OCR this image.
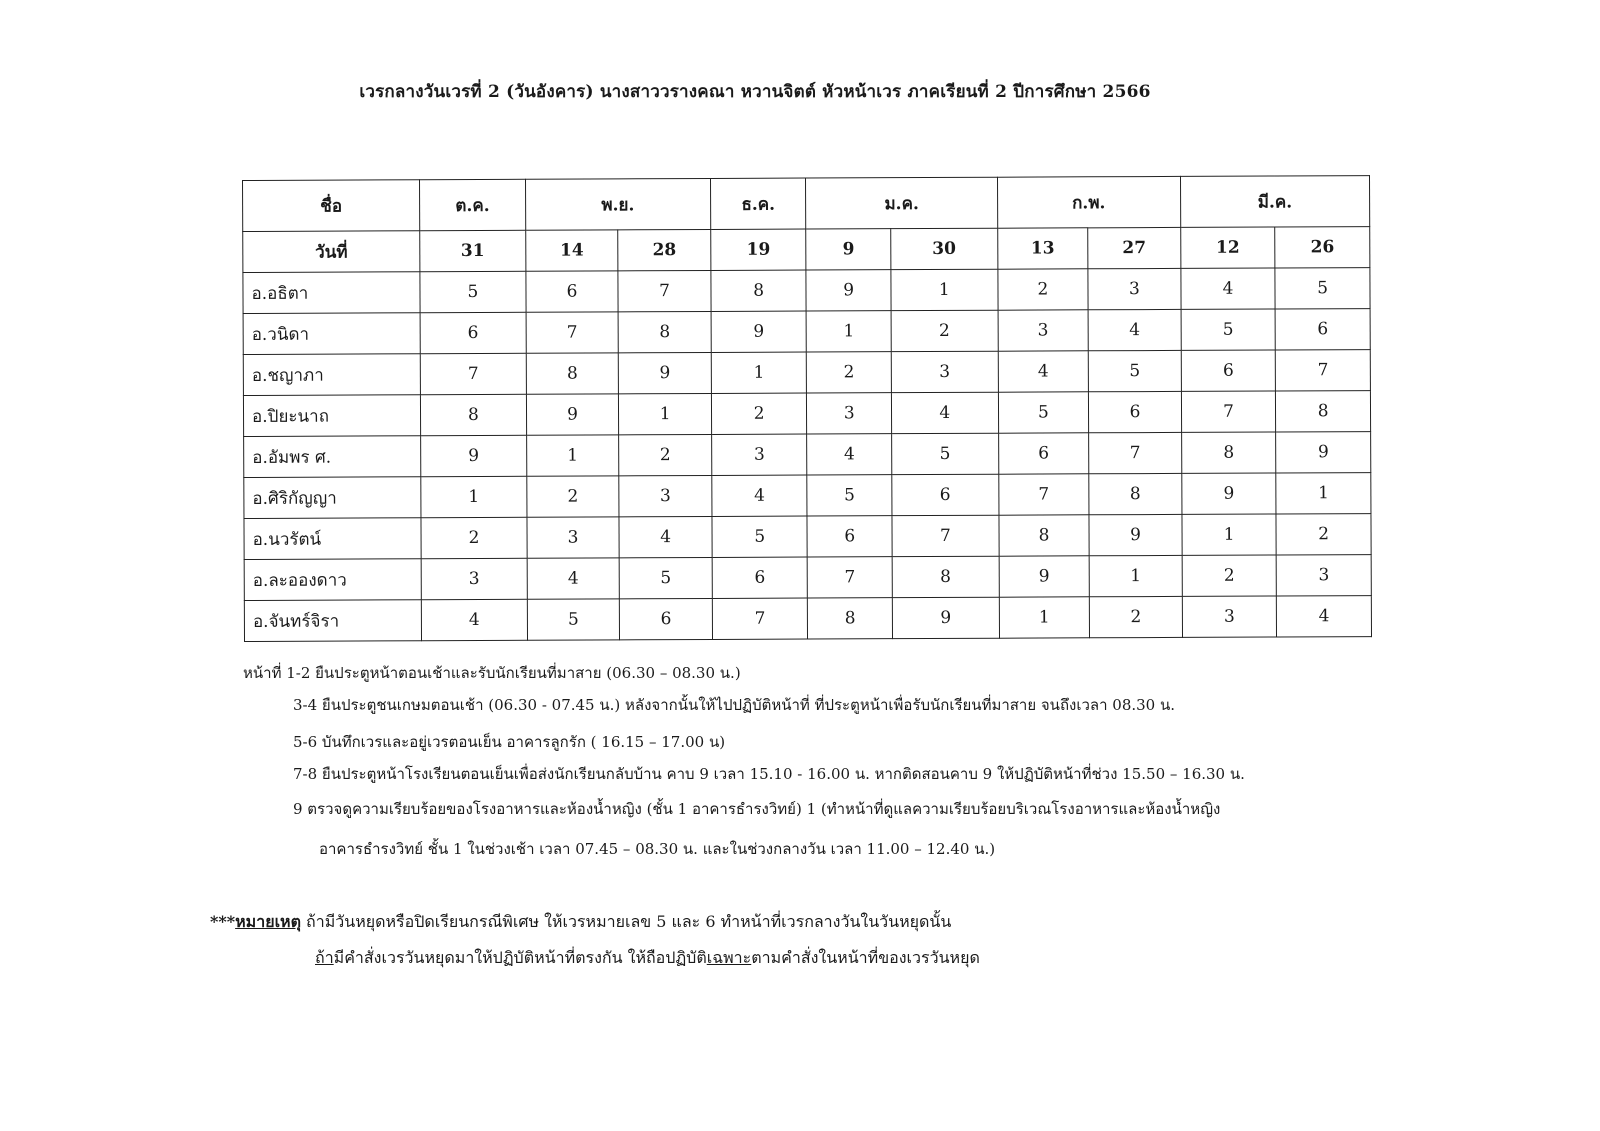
เวรกลางวันเวรที่ 2 (วันอังคาร) นางสาววรางคณา หวานจิตต์ หัวหน้าเวร ภาคเรียนที่ 2 ปีการศึกษา 2566
ชื่อ	ต.ค.	พ.ย.		ธ.ค.	ม.ค.		ก.พ.		มี.ค.	
วันที่	31	14	28	19	9	30	13	27	12	26
อ.อธิตา	5	6	7	8	9	1	2	3	4	5
อ.วนิดา	6	7	8	9	1	2	3	4	5	6
อ.ชญาภา	7	8	9	1	2	3	4	5	6	7
อ.ปิยะนาถ	8	9	1	2	3	4	5	6	7	8
อ.อัมพร ศ.	9	1	2	3	4	5	6	7	8	9
อ.ศิริกัญญา	1	2	3	4	5	6	7	8	9	1
อ.นวรัตน์	2	3	4	5	6	7	8	9	1	2
อ.ละอองดาว	3	4	5	6	7	8	9	1	2	3
อ.จันทร์จิรา	4	5	6	7	8	9	1	2	3	4
หน้าที่ 1-2 ยืนประตูหน้าตอนเช้าและรับนักเรียนที่มาสาย (06.30 – 08.30 น.)
3-4 ยืนประตูชนเกษมตอนเช้า (06.30 - 07.45 น.) หลังจากนั้นให้ไปปฏิบัติหน้าที่ ที่ประตูหน้าเพื่อรับนักเรียนที่มาสาย จนถึงเวลา 08.30 น.
5-6 บันทึกเวรและอยู่เวรตอนเย็น อาคารลูกรัก ( 16.15 – 17.00 น)
7-8 ยืนประตูหน้าโรงเรียนตอนเย็นเพื่อส่งนักเรียนกลับบ้าน คาบ 9 เวลา 15.10 - 16.00 น. หากติดสอนคาบ 9 ให้ปฏิบัติหน้าที่ช่วง 15.50 – 16.30 น.
9 ตรวจดูความเรียบร้อยของโรงอาหารและห้องน้ำหญิง (ชั้น 1 อาคารธำรงวิทย์) 1 (ทำหน้าที่ดูแลความเรียบร้อยบริเวณโรงอาหารและห้องน้ำหญิง
อาคารธำรงวิทย์ ชั้น 1 ในช่วงเช้า เวลา 07.45 – 08.30 น. และในช่วงกลางวัน เวลา 11.00 – 12.40 น.)
***หมายเหตุ ถ้ามีวันหยุดหรือปิดเรียนกรณีพิเศษ ให้เวรหมายเลข 5 และ 6 ทำหน้าที่เวรกลางวันในวันหยุดนั้น
ถ้ามีคำสั่งเวรวันหยุดมาให้ปฏิบัติหน้าที่ตรงกัน ให้ถือปฏิบัติเฉพาะตามคำสั่งในหน้าที่ของเวรวันหยุด
